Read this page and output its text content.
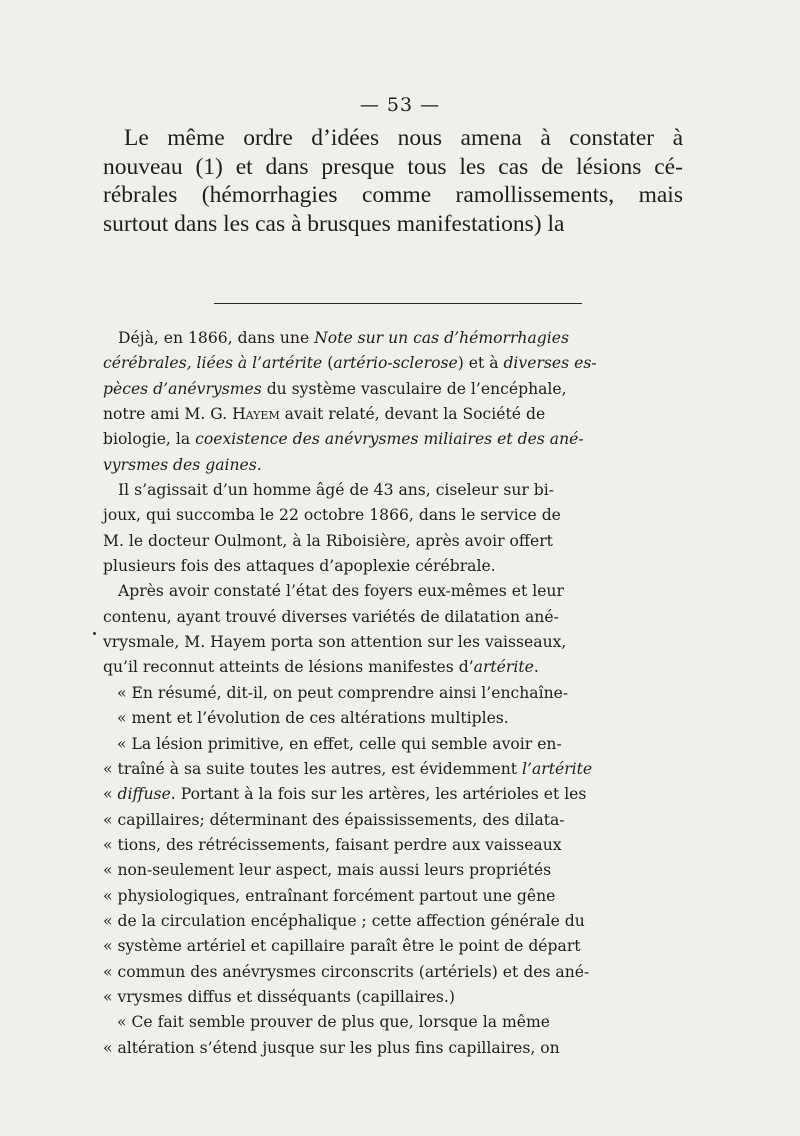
— 53 —
Le même ordre d’idées nous amena à constater à
nouveau (1) et dans presque tous les cas de lésions cé-
rébrales (hémorrhagies comme ramollissements, mais
surtout dans les cas à brusques manifestations) la
Déjà, en 1866, dans une Note sur un cas d’hémorrhagies
cérébrales, liées à l’artérite (artério-sclerose) et à diverses es-
pèces d’anévrysmes du système vasculaire de l’encéphale,
notre ami M. G. Hayem avait relaté, devant la Société de
biologie, la coexistence des anévrysmes miliaires et des ané-
vyrsmes des gaines.
Il s’agissait d’un homme âgé de 43 ans, ciseleur sur bi-
joux, qui succomba le 22 octobre 1866, dans le service de
M. le docteur Oulmont, à la Riboisière, après avoir offert
plusieurs fois des attaques d’apoplexie cérébrale.
Après avoir constaté l’état des foyers eux-mêmes et leur
contenu, ayant trouvé diverses variétés de dilatation ané-
vrysmale, M. Hayem porta son attention sur les vaisseaux,
qu’il reconnut atteints de lésions manifestes d’artérite.
« En résumé, dit-il, on peut comprendre ainsi l’enchaîne-
« ment et l’évolution de ces altérations multiples.
« La lésion primitive, en effet, celle qui semble avoir en-
« traîné à sa suite toutes les autres, est évidemment l’artérite
« diffuse. Portant à la fois sur les artères, les artérioles et les
« capillaires; déterminant des épaississements, des dilata-
« tions, des rétrécissements, faisant perdre aux vaisseaux
« non-seulement leur aspect, mais aussi leurs propriétés
« physiologiques, entraînant forcément partout une gêne
« de la circulation encéphalique ; cette affection générale du
« système artériel et capillaire paraît être le point de départ
« commun des anévrysmes circonscrits (artériels) et des ané-
« vrysmes diffus et disséquants (capillaires.)
« Ce fait semble prouver de plus que, lorsque la même
« altération s’étend jusque sur les plus fins capillaires, on
